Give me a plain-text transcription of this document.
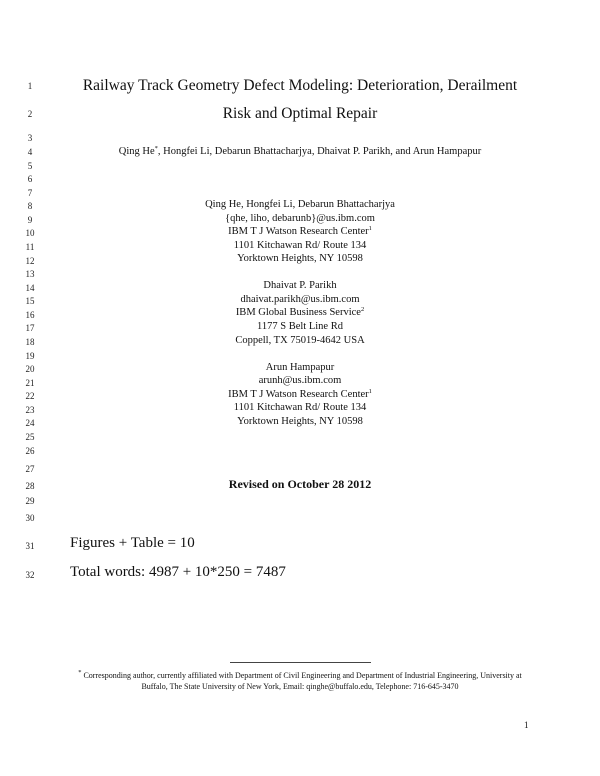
1
2
3
4
5
6
7
8
9
10
11
12
13
14
15
16
17
18
19
20
21
22
23
24
25
26
27
28
29
30
31
32
Railway Track Geometry Defect Modeling: Deterioration, Derailment
Risk and Optimal Repair
Qing He*, Hongfei Li, Debarun Bhattacharjya, Dhaivat P. Parikh, and Arun Hampapur
Qing He, Hongfei Li, Debarun Bhattacharjya
{qhe, liho, debarunb}@us.ibm.com
IBM T J Watson Research Center$^1$
1101 Kitchawan Rd/ Route 134
Yorktown Heights, NY 10598
Dhaivat P. Parikh
dhaivat.parikh@us.ibm.com
IBM Global Business Service$^2$
1177 S Belt Line Rd
Coppell, TX 75019-4642 USA
Arun Hampapur
arunh@us.ibm.com
IBM T J Watson Research Center$^1$
1101 Kitchawan Rd/ Route 134
Yorktown Heights, NY 10598
Revised on October 28 2012
Figures + Table = 10
Total words: 4987 + 10*250 = 7487
* Corresponding author, currently affiliated with Department of Civil Engineering and Department of Industrial Engineering, University at Buffalo, The State University of New York, Email: qinghe@buffalo.edu, Telephone: 716-645-3470
1
